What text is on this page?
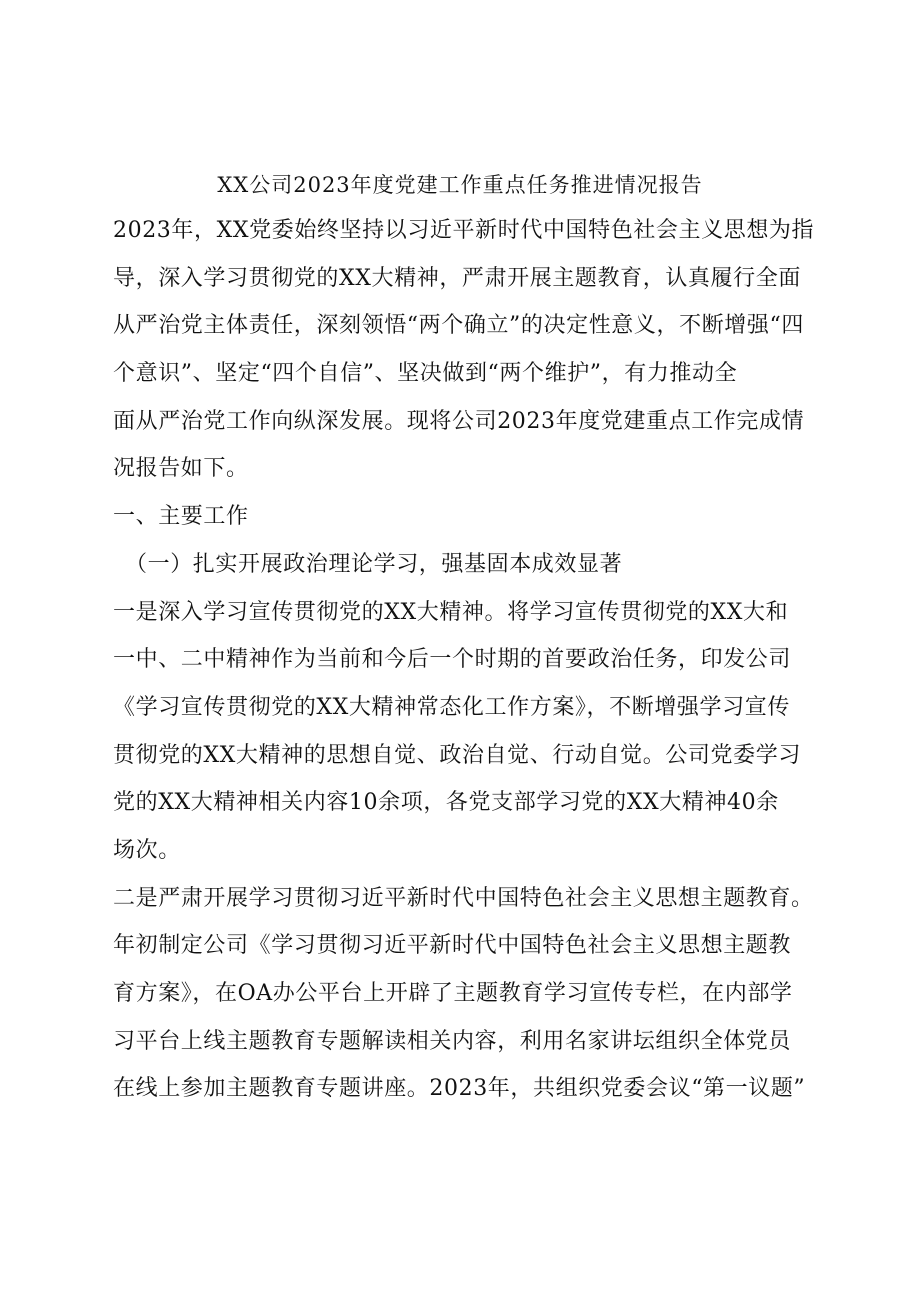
XX公司2023年度党建工作重点任务推进情况报告
2023年，XX党委始终坚持以习近平新时代中国特色社会主义思想为指
导，深入学习贯彻党的XX大精神，严肃开展主题教育，认真履行全面
从严治党主体责任，深刻领悟“两个确立”的决定性意义，不断增强“四
个意识”、坚定“四个自信”、坚决做到“两个维护”，有力推动全
面从严治党工作向纵深发展。现将公司2023年度党建重点工作完成情
况报告如下。
一、主要工作
（一）扎实开展政治理论学习，强基固本成效显著
一是深入学习宣传贯彻党的XX大精神。将学习宣传贯彻党的XX大和
一中、二中精神作为当前和今后一个时期的首要政治任务，印发公司
《学习宣传贯彻党的XX大精神常态化工作方案》，不断增强学习宣传
贯彻党的XX大精神的思想自觉、政治自觉、行动自觉。公司党委学习
党的XX大精神相关内容10余项，各党支部学习党的XX大精神40余
场次。
二是严肃开展学习贯彻习近平新时代中国特色社会主义思想主题教育。
年初制定公司《学习贯彻习近平新时代中国特色社会主义思想主题教
育方案》，在OA办公平台上开辟了主题教育学习宣传专栏，在内部学
习平台上线主题教育专题解读相关内容，利用名家讲坛组织全体党员
在线上参加主题教育专题讲座。2023年，共组织党委会议“第一议题”
